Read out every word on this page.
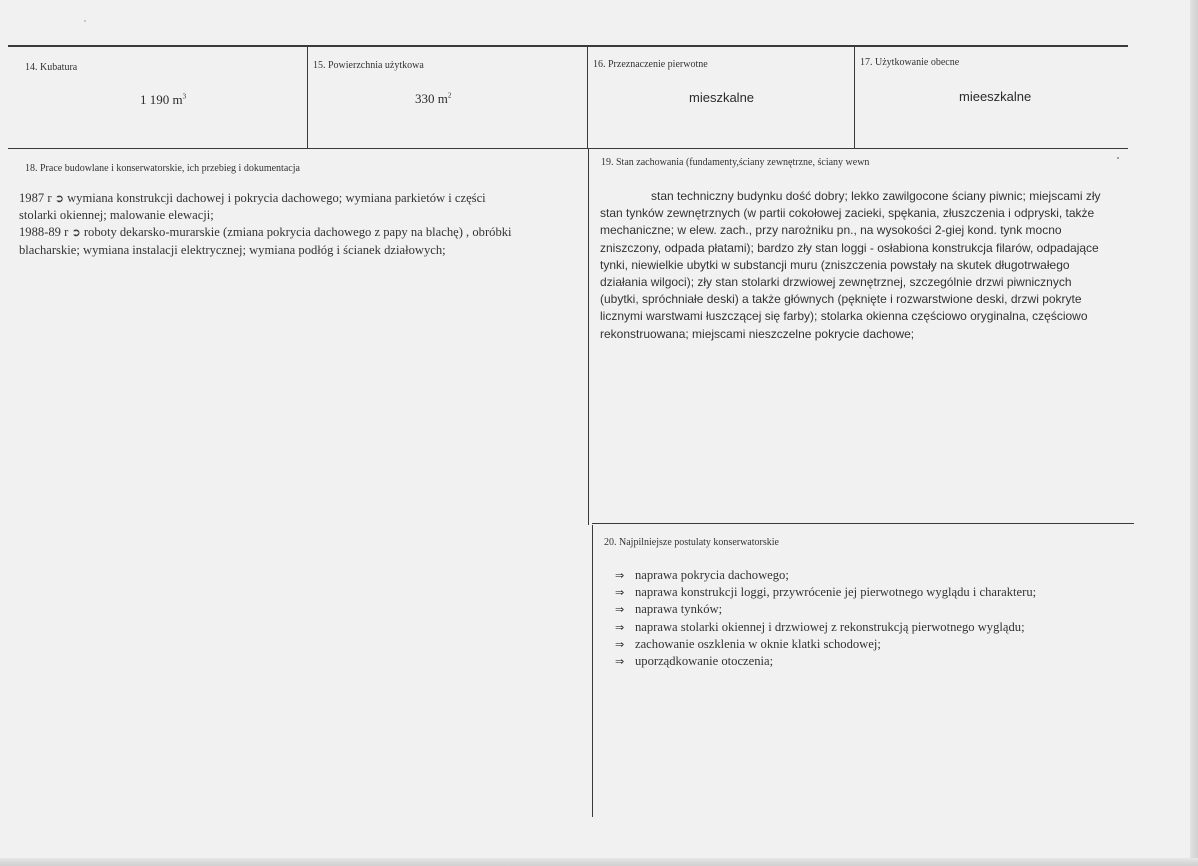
14. Kubatura
1 190 $m^3$
15. Powierzchnia użytkowa
330 $m^2$
16. Przeznaczenie pierwotne
mieszkalne
17. Użytkowanie obecne
mieeszkalne
18. Prace budowlane i konserwatorskie, ich przebieg i dokumentacja
1987 r ➲ wymiana konstrukcji dachowej i pokrycia dachowego; wymiana parkietów i części
stolarki okiennej; malowanie elewacji;
1988-89 r ➲ roboty dekarsko-murarskie (zmiana pokrycia dachowego z papy na blachę) , obróbki
blacharskie; wymiana instalacji elektrycznej; wymiana podłóg i ścianek działowych;
19. Stan zachowania (fundamenty,ściany zewnętrzne, ściany wewn
stan techniczny budynku dość dobry; lekko zawilgocone ściany piwnic; miejscami zły
stan tynków zewnętrznych (w partii cokołowej zacieki, spękania, złuszczenia i odpryski, także
mechaniczne; w elew. zach., przy narożniku pn., na wysokości 2-giej kond. tynk mocno
zniszczony, odpada płatami); bardzo zły stan loggi - osłabiona konstrukcja filarów, odpadające
tynki, niewielkie ubytki w substancji muru (zniszczenia powstały na skutek długotrwałego
działania wilgoci); zły stan stolarki drzwiowej zewnętrznej, szczególnie drzwi piwnicznych
(ubytki, spróchniałe deski) a także głównych (pęknięte i rozwarstwione deski, drzwi pokryte
licznymi warstwami łuszczącej się farby); stolarka okienna częściowo oryginalna, częściowo
rekonstruowana; miejscami nieszczelne pokrycie dachowe;
20. Najpilniejsze postulaty konserwatorskie
⇒ naprawa pokrycia dachowego;
⇒ naprawa konstrukcji loggi, przywrócenie jej pierwotnego wyglądu i charakteru;
⇒ naprawa tynków;
⇒ naprawa stolarki okiennej i drzwiowej z rekonstrukcją pierwotnego wyglądu;
⇒ zachowanie oszklenia w oknie klatki schodowej;
⇒ uporządkowanie otoczenia;
